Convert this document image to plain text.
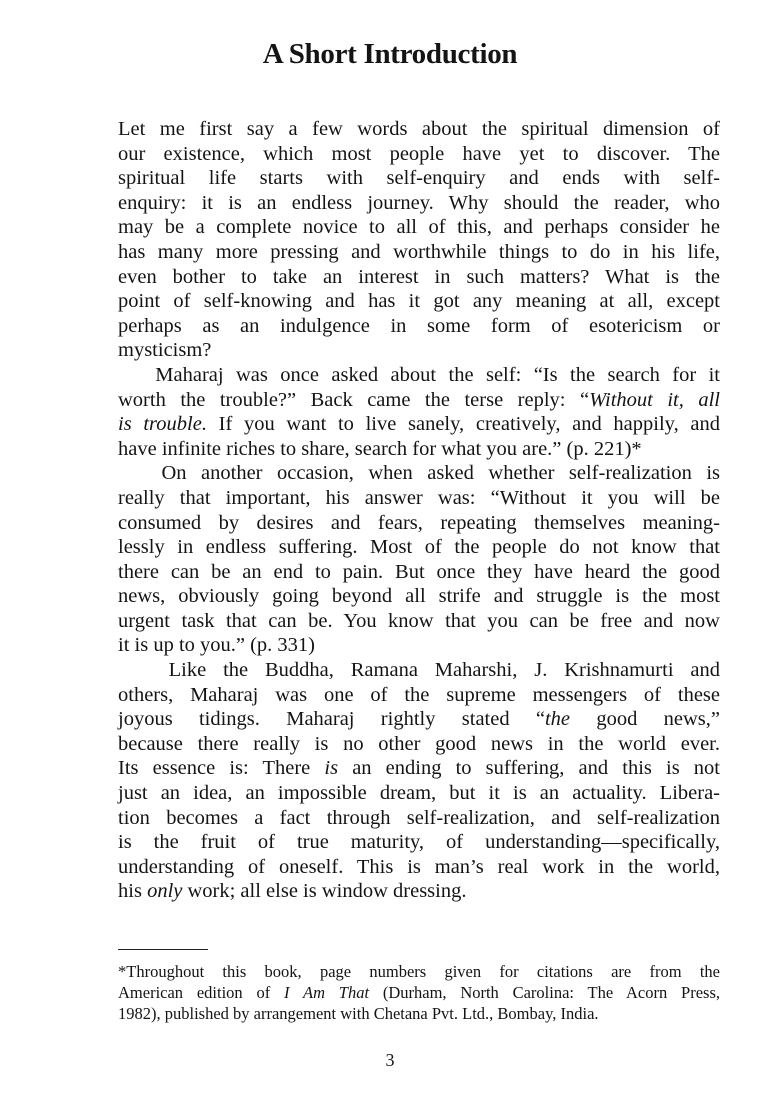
A Short Introduction
Let me first say a few words about the spiritual dimension of
our existence, which most people have yet to discover. The
spiritual life starts with self-enquiry and ends with self-
enquiry: it is an endless journey. Why should the reader, who
may be a complete novice to all of this, and perhaps consider he
has many more pressing and worthwhile things to do in his life,
even bother to take an interest in such matters? What is the
point of self-knowing and has it got any meaning at all, except
perhaps as an indulgence in some form of esotericism or
mysticism?
Maharaj was once asked about the self: “Is the search for it
worth the trouble?” Back came the terse reply: “Without it, all
is trouble. If you want to live sanely, creatively, and happily, and
have infinite riches to share, search for what you are.” (p. 221)*
On another occasion, when asked whether self-realization is
really that important, his answer was: “Without it you will be
consumed by desires and fears, repeating themselves meaning-
lessly in endless suffering. Most of the people do not know that
there can be an end to pain. But once they have heard the good
news, obviously going beyond all strife and struggle is the most
urgent task that can be. You know that you can be free and now
it is up to you.” (p. 331)
Like the Buddha, Ramana Maharshi, J. Krishnamurti and
others, Maharaj was one of the supreme messengers of these
joyous tidings. Maharaj rightly stated “the good news,”
because there really is no other good news in the world ever.
Its essence is: There is an ending to suffering, and this is not
just an idea, an impossible dream, but it is an actuality. Libera-
tion becomes a fact through self-realization, and self-realization
is the fruit of true maturity, of understanding—specifically,
understanding of oneself. This is man’s real work in the world,
his only work; all else is window dressing.
*Throughout this book, page numbers given for citations are from the
American edition of I Am That (Durham, North Carolina: The Acorn Press,
1982), published by arrangement with Chetana Pvt. Ltd., Bombay, India.
3
